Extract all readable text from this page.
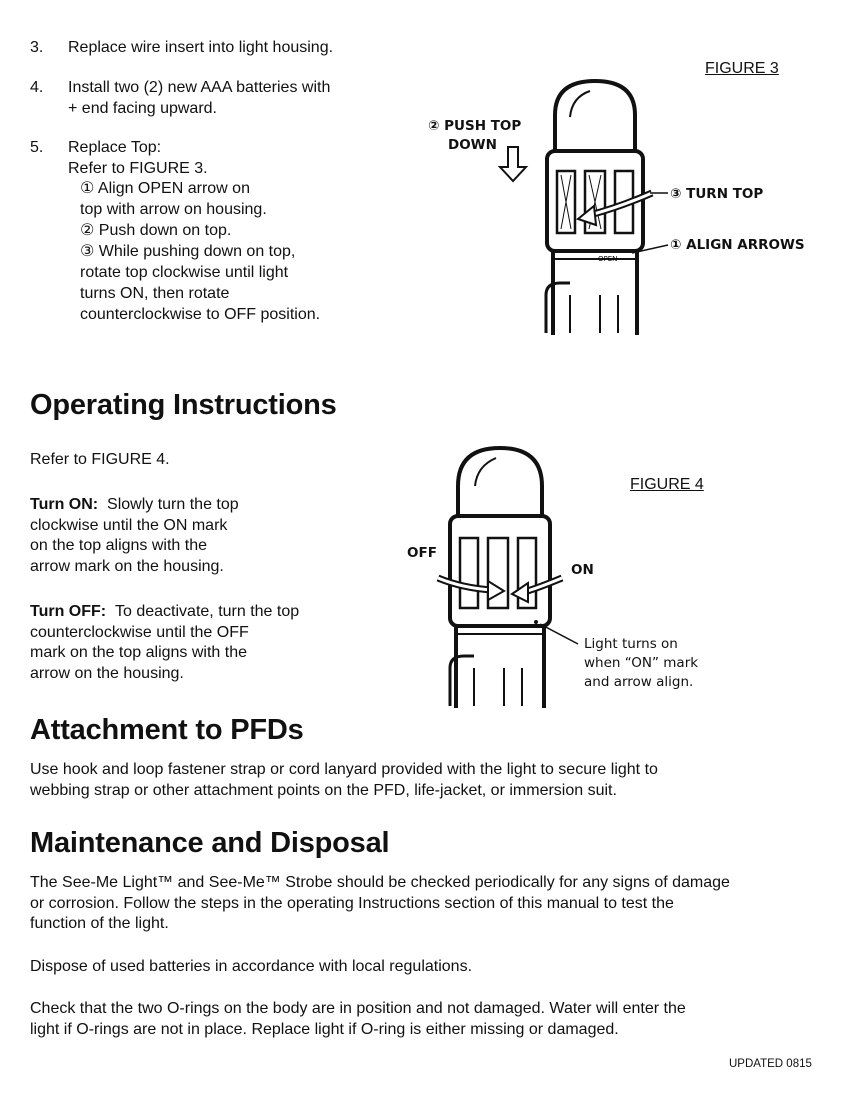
3. Replace wire insert into light housing.

4. Install two (2) new AAA batteries with

+ end facing upward.

5. Replace Top:

Refer to FIGURE 3.

① Align OPEN arrow on

top with arrow on housing.

② Push down on top.

③ While pushing down on top,

rotate top clockwise until light

turns ON, then rotate

counterclockwise to OFF position.

FIGURE 3
OPEN

② PUSH TOP

DOWN

③ TURN TOP

① ALIGN ARROWS

Operating Instructions

Refer to FIGURE 4.

Turn ON: Slowly turn the top

clockwise until the ON mark

on the top aligns with the

arrow mark on the housing.

Turn OFF: To deactivate, turn the top

counterclockwise until the OFF

mark on the top aligns with the

arrow on the housing.

FIGURE 4

OFF

ON

Light turns on

when “ON” mark

and arrow align.

Attachment to PFDs

Use hook and loop fastener strap or cord lanyard provided with the light to secure light to

webbing strap or other attachment points on the PFD, life-jacket, or immersion suit.

Maintenance and Disposal

The See-Me Light™ and See-Me™ Strobe should be checked periodically for any signs of damage

or corrosion. Follow the steps in the operating Instructions section of this manual to test the

function of the light.

Dispose of used batteries in accordance with local regulations.

Check that the two O-rings on the body are in position and not damaged. Water will enter the

light if O-rings are not in place. Replace light if O-ring is either missing or damaged.

UPDATED 0815
